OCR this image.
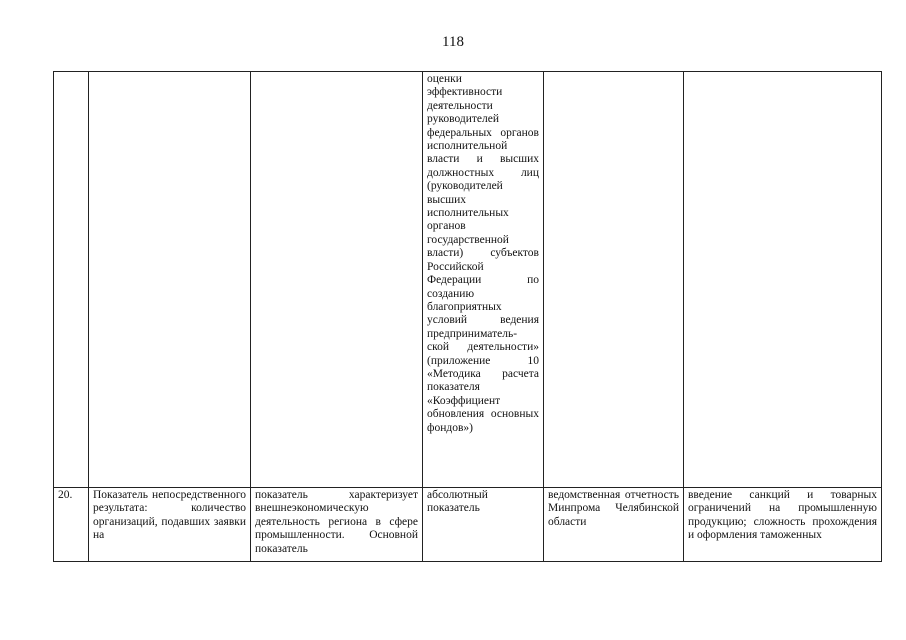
118
			оценки эффективности деятельности руководителей федеральных органов исполнительной власти и высших должностных лиц (руководителей высших исполнительных органов государственной власти) субъектов Российской Федерации по созданию благоприятных условий ведения предприниматель-ской деятельности» (приложение 10 «Методика расчета показателя «Коэффициент обновления основных фондов»)		
20.	Показатель непосредственного результата: количество организаций, подавших заявки на	показатель характеризует внешнеэкономическую деятельность региона в сфере промышленности. Основной показатель	абсолютный показатель	ведомственная отчетность Минпрома Челябинской области	введение санкций и товарных ограничений на промышленную продукцию; сложность прохождения и оформления таможенных
